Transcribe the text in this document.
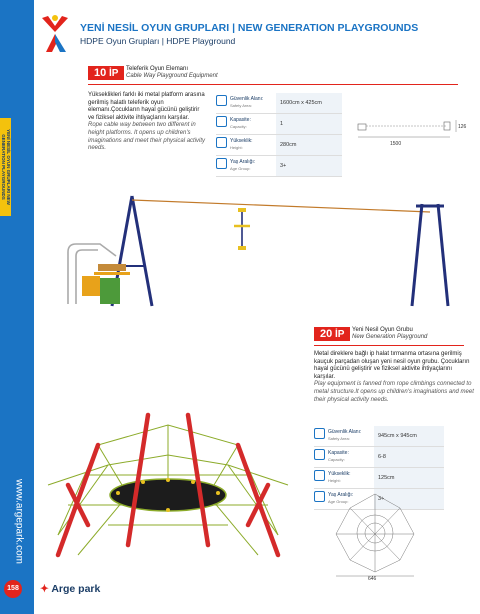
YENİ NESİL OYUN GRUPLARI NEW GENERATION PLAYGROUNDS
www.argepark.com
158
YENİ NESİL OYUN GRUPLARI | NEW GENERATION PLAYGROUNDS
HDPE Oyun Grupları | HDPE Playground
10 İP	Teleferik Oyun Elemanı
Cable Way Playground Equipment
Yükseklikleri farklı iki metal platform arasına gerilmiş halatlı teleferik oyun elemanı.Çocukların hayal gücünü geliştirir ve fiziksel aktivite ihtiyaçlarını karşılar.
Rope cable way between two different in height platforms. It opens up children's imaginations and meet their physical activity needs.
	Güvenlik Alanı:
Safety Area:	1600cm x 425cm
	Kapasite:
Capacity:	1
	Yükseklik:
Height:	280cm
	Yaş Aralığı:
Age Group:	3+
126
1500
20 İP	Yeni Nesil Oyun Grubu
New Generation Playground
Metal direklere bağlı ip halat tırmanma ortasına gerilmiş kauçuk parçadan oluşan yeni nesil oyun grubu. Çocukların hayal gücünü geliştirir ve fiziksel aktivite ihtiyaçlarını karşılar.
Play equipment is fanned from rope climbings connected to metal structure.It opens up children's imaginations and meet their physical activity needs.
	Güvenlik Alanı:
Safety Area:	945cm x 945cm
	Kapasite:
Capacity:	6-8
	Yükseklik:
Height:	125cm
	Yaş Aralığı:
Age Group:	3+
646
✦ Arge park
